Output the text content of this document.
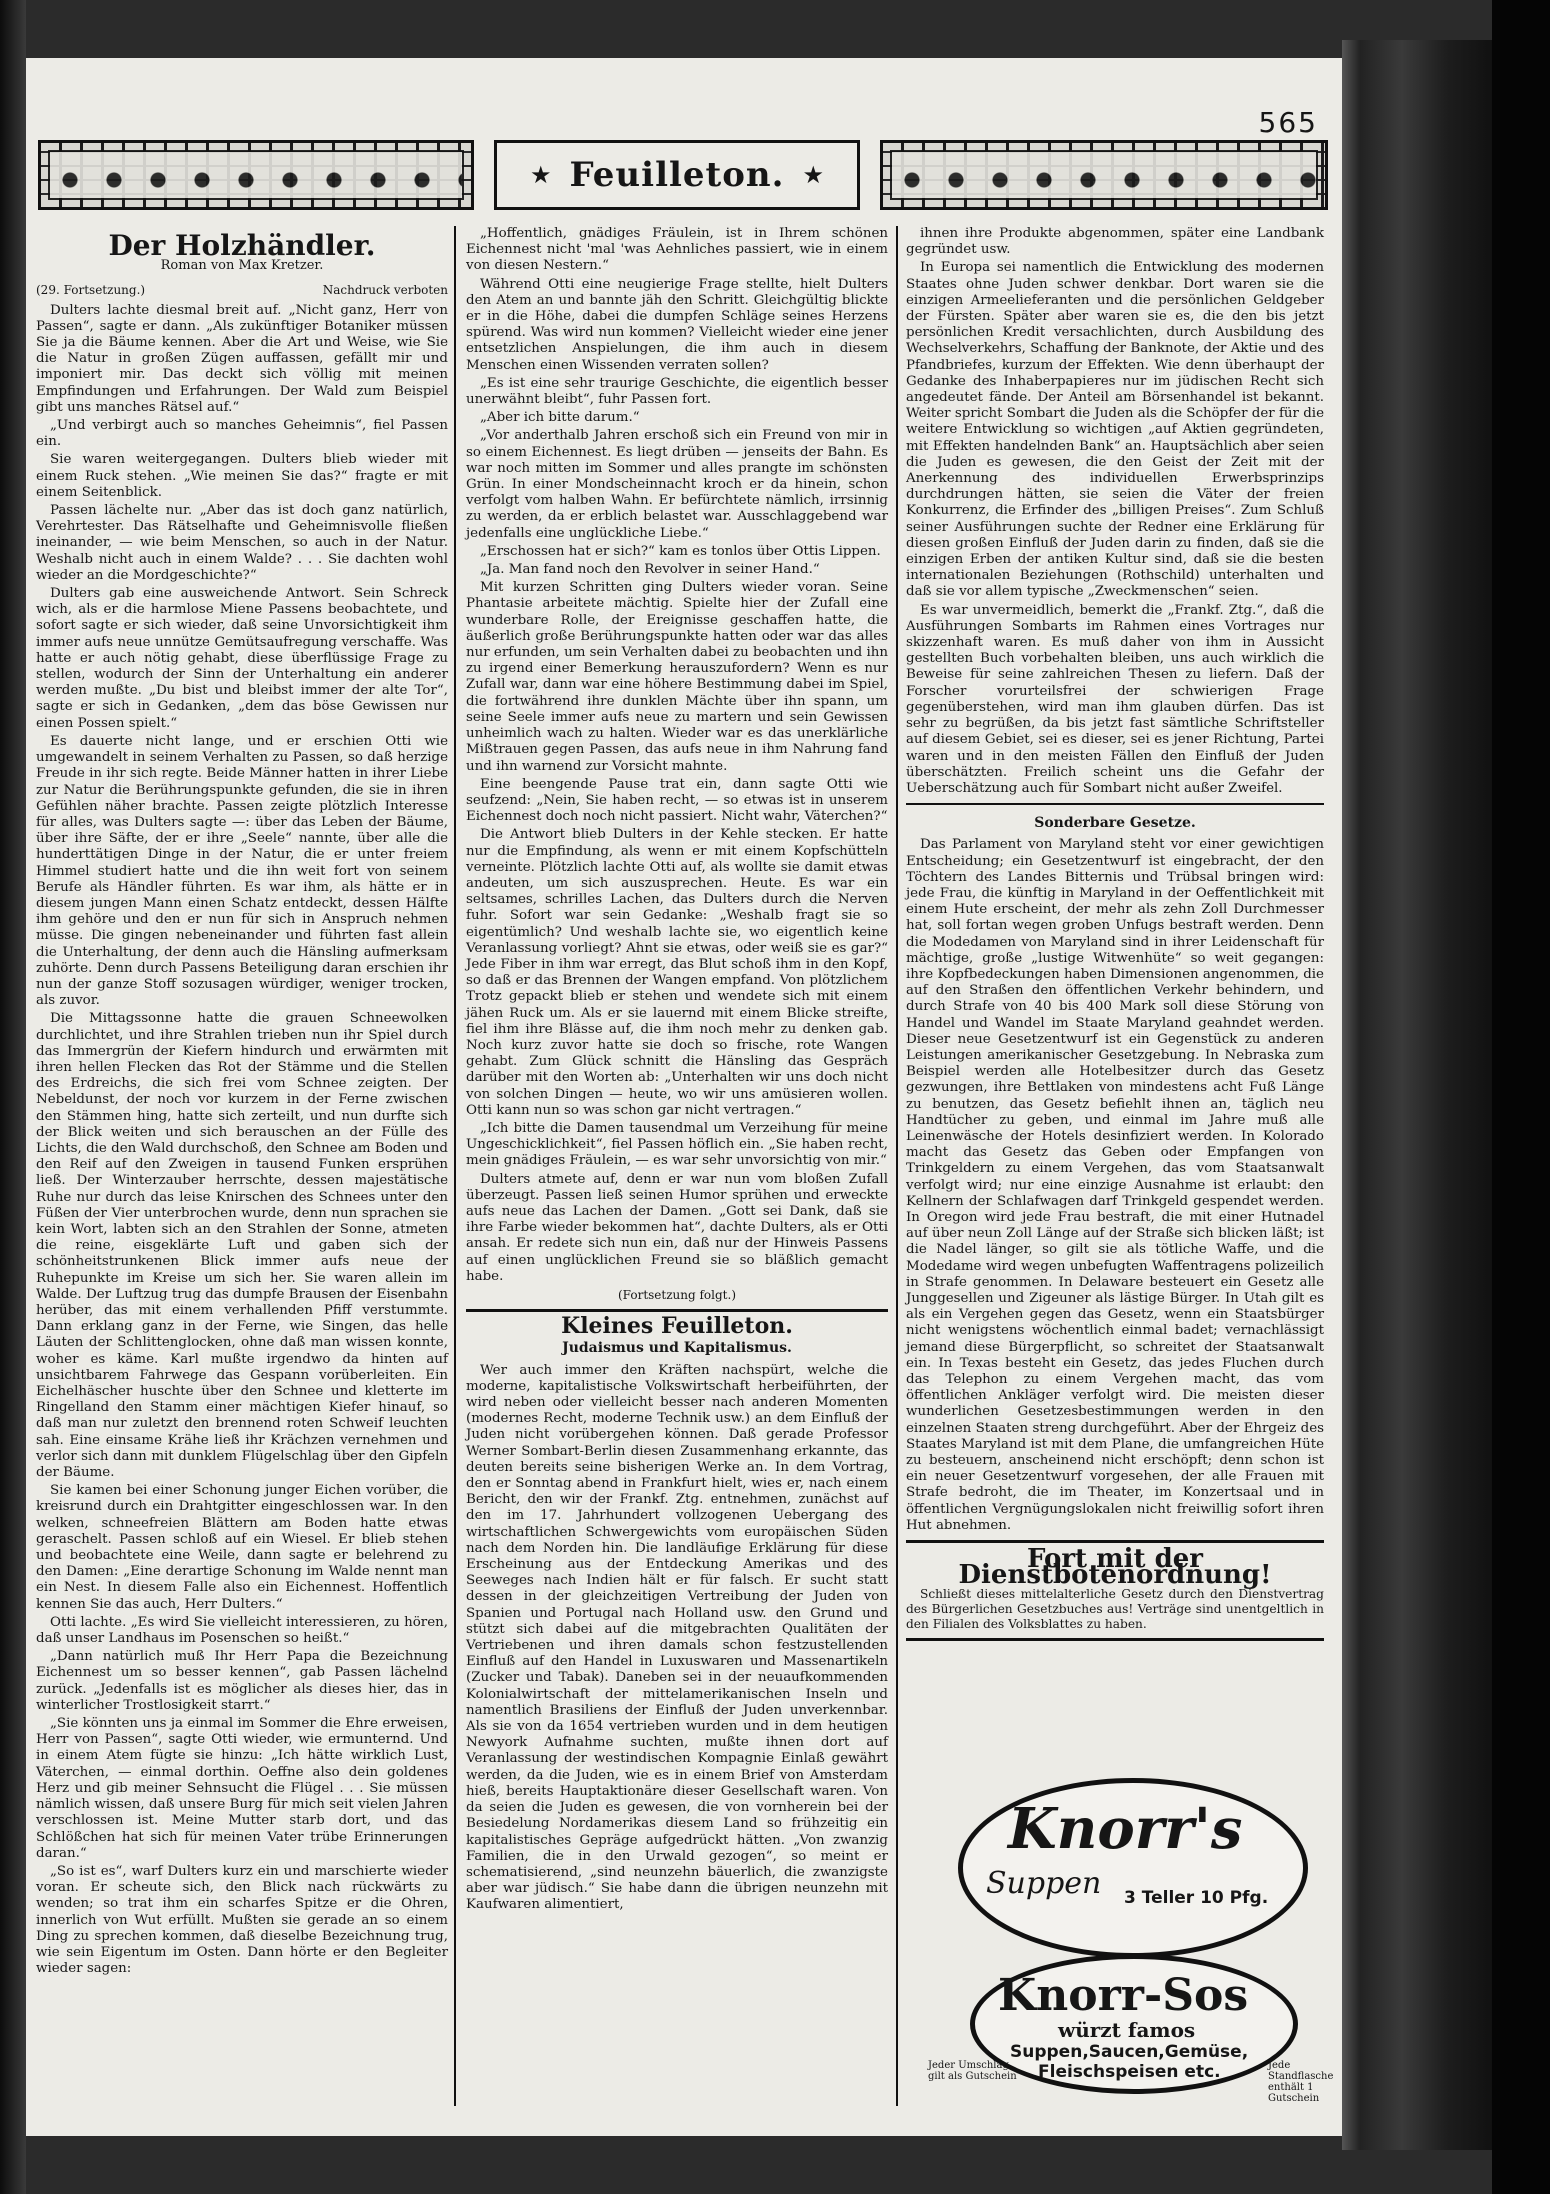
565
★ Feuilleton. ★
Der Holzhändler.
Roman von Max Kretzer.
(29. Fortsetzung.)	Nachdruck verboten

Dulters lachte diesmal breit auf. „Nicht ganz, Herr von Passen“, sagte er dann. „Als zukünftiger Botaniker müssen Sie ja die Bäume kennen. Aber die Art und Weise, wie Sie die Natur in großen Zügen auffassen, gefällt mir und imponiert mir. Das deckt sich völlig mit meinen Empfindungen und Erfahrungen. Der Wald zum Beispiel gibt uns manches Rätsel auf.“

„Und verbirgt auch so manches Geheimnis“, fiel Passen ein.

Sie waren weitergegangen. Dulters blieb wieder mit einem Ruck stehen. „Wie meinen Sie das?“ fragte er mit einem Seitenblick.

Passen lächelte nur. „Aber das ist doch ganz natürlich, Verehrtester. Das Rätselhafte und Geheimnisvolle fließen ineinander, — wie beim Menschen, so auch in der Natur. Weshalb nicht auch in einem Walde? . . . Sie dachten wohl wieder an die Mordgeschichte?“

Dulters gab eine ausweichende Antwort. Sein Schreck wich, als er die harmlose Miene Passens beobachtete, und sofort sagte er sich wieder, daß seine Unvorsichtigkeit ihm immer aufs neue unnütze Gemütsaufregung verschaffe. Was hatte er auch nötig gehabt, diese überflüssige Frage zu stellen, wodurch der Sinn der Unterhaltung ein anderer werden mußte. „Du bist und bleibst immer der alte Tor“, sagte er sich in Gedanken, „dem das böse Gewissen nur einen Possen spielt.“

Es dauerte nicht lange, und er erschien Otti wie umgewandelt in seinem Verhalten zu Passen, so daß herzige Freude in ihr sich regte. Beide Männer hatten in ihrer Liebe zur Natur die Berührungspunkte gefunden, die sie in ihren Gefühlen näher brachte. Passen zeigte plötzlich Interesse für alles, was Dulters sagte —: über das Leben der Bäume, über ihre Säfte, der er ihre „Seele“ nannte, über alle die hunderttätigen Dinge in der Natur, die er unter freiem Himmel studiert hatte und die ihn weit fort von seinem Berufe als Händler führten. Es war ihm, als hätte er in diesem jungen Mann einen Schatz entdeckt, dessen Hälfte ihm gehöre und den er nun für sich in Anspruch nehmen müsse. Die gingen nebeneinander und führten fast allein die Unterhaltung, der denn auch die Hänsling aufmerksam zuhörte. Denn durch Passens Beteiligung daran erschien ihr nun der ganze Stoff sozusagen würdiger, weniger trocken, als zuvor.

Die Mittagssonne hatte die grauen Schneewolken durchlichtet, und ihre Strahlen trieben nun ihr Spiel durch das Immergrün der Kiefern hindurch und erwärmten mit ihren hellen Flecken das Rot der Stämme und die Stellen des Erdreichs, die sich frei vom Schnee zeigten. Der Nebeldunst, der noch vor kurzem in der Ferne zwischen den Stämmen hing, hatte sich zerteilt, und nun durfte sich der Blick weiten und sich berauschen an der Fülle des Lichts, die den Wald durchschoß, den Schnee am Boden und den Reif auf den Zweigen in tausend Funken ersprühen ließ. Der Winterzauber herrschte, dessen majestätische Ruhe nur durch das leise Knirschen des Schnees unter den Füßen der Vier unterbrochen wurde, denn nun sprachen sie kein Wort, labten sich an den Strahlen der Sonne, atmeten die reine, eisgeklärte Luft und gaben sich der schönheitstrunkenen Blick immer aufs neue der Ruhepunkte im Kreise um sich her. Sie waren allein im Walde. Der Luftzug trug das dumpfe Brausen der Eisenbahn herüber, das mit einem verhallenden Pfiff verstummte. Dann erklang ganz in der Ferne, wie Singen, das helle Läuten der Schlittenglocken, ohne daß man wissen konnte, woher es käme. Karl mußte irgendwo da hinten auf unsichtbarem Fahrwege das Gespann vorüberleiten. Ein Eichelhäscher huschte über den Schnee und kletterte im Ringelland den Stamm einer mächtigen Kiefer hinauf, so daß man nur zuletzt den brennend roten Schweif leuchten sah. Eine einsame Krähe ließ ihr Krächzen vernehmen und verlor sich dann mit dunklem Flügelschlag über den Gipfeln der Bäume.

Sie kamen bei einer Schonung junger Eichen vorüber, die kreisrund durch ein Drahtgitter eingeschlossen war. In den welken, schneefreien Blättern am Boden hatte etwas geraschelt. Passen schloß auf ein Wiesel. Er blieb stehen und beobachtete eine Weile, dann sagte er belehrend zu den Damen: „Eine derartige Schonung im Walde nennt man ein Nest. In diesem Falle also ein Eichennest. Hoffentlich kennen Sie das auch, Herr Dulters.“

Otti lachte. „Es wird Sie vielleicht interessieren, zu hören, daß unser Landhaus im Posenschen so heißt.“

„Dann natürlich muß Ihr Herr Papa die Bezeichnung Eichennest um so besser kennen“, gab Passen lächelnd zurück. „Jedenfalls ist es möglicher als dieses hier, das in winterlicher Trostlosigkeit starrt.“

„Sie könnten uns ja einmal im Sommer die Ehre erweisen, Herr von Passen“, sagte Otti wieder, wie ermunternd. Und in einem Atem fügte sie hinzu: „Ich hätte wirklich Lust, Väterchen, — einmal dorthin. Oeffne also dein goldenes Herz und gib meiner Sehnsucht die Flügel . . . Sie müssen nämlich wissen, daß unsere Burg für mich seit vielen Jahren verschlossen ist. Meine Mutter starb dort, und das Schlößchen hat sich für meinen Vater trübe Erinnerungen daran.“

„So ist es“, warf Dulters kurz ein und marschierte wieder voran. Er scheute sich, den Blick nach rückwärts zu wenden; so trat ihm ein scharfes Spitze er die Ohren, innerlich von Wut erfüllt. Mußten sie gerade an so einem Ding zu sprechen kommen, daß dieselbe Bezeichnung trug, wie sein Eigentum im Osten. Dann hörte er den Begleiter wieder sagen:

„Hoffentlich, gnädiges Fräulein, ist in Ihrem schönen Eichennest nicht 'mal 'was Aehnliches passiert, wie in einem von diesen Nestern.“

Während Otti eine neugierige Frage stellte, hielt Dulters den Atem an und bannte jäh den Schritt. Gleichgültig blickte er in die Höhe, dabei die dumpfen Schläge seines Herzens spürend. Was wird nun kommen? Vielleicht wieder eine jener entsetzlichen Anspielungen, die ihm auch in diesem Menschen einen Wissenden verraten sollen?

„Es ist eine sehr traurige Geschichte, die eigentlich besser unerwähnt bleibt“, fuhr Passen fort.

„Aber ich bitte darum.“

„Vor anderthalb Jahren erschoß sich ein Freund von mir in so einem Eichennest. Es liegt drüben — jenseits der Bahn. Es war noch mitten im Sommer und alles prangte im schönsten Grün. In einer Mondscheinnacht kroch er da hinein, schon verfolgt vom halben Wahn. Er befürchtete nämlich, irrsinnig zu werden, da er erblich belastet war. Ausschlaggebend war jedenfalls eine unglückliche Liebe.“

„Erschossen hat er sich?“ kam es tonlos über Ottis Lippen.

„Ja. Man fand noch den Revolver in seiner Hand.“

Mit kurzen Schritten ging Dulters wieder voran. Seine Phantasie arbeitete mächtig. Spielte hier der Zufall eine wunderbare Rolle, der Ereignisse geschaffen hatte, die äußerlich große Berührungspunkte hatten oder war das alles nur erfunden, um sein Verhalten dabei zu beobachten und ihn zu irgend einer Bemerkung herauszufordern? Wenn es nur Zufall war, dann war eine höhere Bestimmung dabei im Spiel, die fortwährend ihre dunklen Mächte über ihn spann, um seine Seele immer aufs neue zu martern und sein Gewissen unheimlich wach zu halten. Wieder war es das unerklärliche Mißtrauen gegen Passen, das aufs neue in ihm Nahrung fand und ihn warnend zur Vorsicht mahnte.

Eine beengende Pause trat ein, dann sagte Otti wie seufzend: „Nein, Sie haben recht, — so etwas ist in unserem Eichennest doch noch nicht passiert. Nicht wahr, Väterchen?“

Die Antwort blieb Dulters in der Kehle stecken. Er hatte nur die Empfindung, als wenn er mit einem Kopfschütteln verneinte. Plötzlich lachte Otti auf, als wollte sie damit etwas andeuten, um sich auszusprechen. Heute. Es war ein seltsames, schrilles Lachen, das Dulters durch die Nerven fuhr. Sofort war sein Gedanke: „Weshalb fragt sie so eigentümlich? Und weshalb lachte sie, wo eigentlich keine Veranlassung vorliegt? Ahnt sie etwas, oder weiß sie es gar?“ Jede Fiber in ihm war erregt, das Blut schoß ihm in den Kopf, so daß er das Brennen der Wangen empfand. Von plötzlichem Trotz gepackt blieb er stehen und wendete sich mit einem jähen Ruck um. Als er sie lauernd mit einem Blicke streifte, fiel ihm ihre Blässe auf, die ihm noch mehr zu denken gab. Noch kurz zuvor hatte sie doch so frische, rote Wangen gehabt. Zum Glück schnitt die Hänsling das Gespräch darüber mit den Worten ab: „Unterhalten wir uns doch nicht von solchen Dingen — heute, wo wir uns amüsieren wollen. Otti kann nun so was schon gar nicht vertragen.“

„Ich bitte die Damen tausendmal um Verzeihung für meine Ungeschicklichkeit“, fiel Passen höflich ein. „Sie haben recht, mein gnädiges Fräulein, — es war sehr unvorsichtig von mir.“

Dulters atmete auf, denn er war nun vom bloßen Zufall überzeugt. Passen ließ seinen Humor sprühen und erweckte aufs neue das Lachen der Damen. „Gott sei Dank, daß sie ihre Farbe wieder bekommen hat“, dachte Dulters, als er Otti ansah. Er redete sich nun ein, daß nur der Hinweis Passens auf einen unglücklichen Freund sie so bläßlich gemacht habe.

(Fortsetzung folgt.)

Kleines Feuilleton.
Judaismus und Kapitalismus.

Wer auch immer den Kräften nachspürt, welche die moderne, kapitalistische Volkswirtschaft herbeiführten, der wird neben oder vielleicht besser nach anderen Momenten (modernes Recht, moderne Technik usw.) an dem Einfluß der Juden nicht vorübergehen können. Daß gerade Professor Werner Sombart-Berlin diesen Zusammenhang erkannte, das deuten bereits seine bisherigen Werke an. In dem Vortrag, den er Sonntag abend in Frankfurt hielt, wies er, nach einem Bericht, den wir der Frankf. Ztg. entnehmen, zunächst auf den im 17. Jahrhundert vollzogenen Uebergang des wirtschaftlichen Schwergewichts vom europäischen Süden nach dem Norden hin. Die landläufige Erklärung für diese Erscheinung aus der Entdeckung Amerikas und des Seeweges nach Indien hält er für falsch. Er sucht statt dessen in der gleichzeitigen Vertreibung der Juden von Spanien und Portugal nach Holland usw. den Grund und stützt sich dabei auf die mitgebrachten Qualitäten der Vertriebenen und ihren damals schon festzustellenden Einfluß auf den Handel in Luxuswaren und Massenartikeln (Zucker und Tabak). Daneben sei in der neuaufkommenden Kolonialwirtschaft der mittelamerikanischen Inseln und namentlich Brasiliens der Einfluß der Juden unverkennbar. Als sie von da 1654 vertrieben wurden und in dem heutigen Newyork Aufnahme suchten, mußte ihnen dort auf Veranlassung der westindischen Kompagnie Einlaß gewährt werden, da die Juden, wie es in einem Brief von Amsterdam hieß, bereits Hauptaktionäre dieser Gesellschaft waren. Von da seien die Juden es gewesen, die von vornherein bei der Besiedelung Nordamerikas diesem Land so frühzeitig ein kapitalistisches Gepräge aufgedrückt hätten. „Von zwanzig Familien, die in den Urwald gezogen“, so meint er schematisierend, „sind neunzehn bäuerlich, die zwanzigste aber war jüdisch.“ Sie habe dann die übrigen neunzehn mit Kaufwaren alimentiert,

ihnen ihre Produkte abgenommen, später eine Landbank gegründet usw.

In Europa sei namentlich die Entwicklung des modernen Staates ohne Juden schwer denkbar. Dort waren sie die einzigen Armeelieferanten und die persönlichen Geldgeber der Fürsten. Später aber waren sie es, die den bis jetzt persönlichen Kredit versachlichten, durch Ausbildung des Wechselverkehrs, Schaffung der Banknote, der Aktie und des Pfandbriefes, kurzum der Effekten. Wie denn überhaupt der Gedanke des Inhaberpapieres nur im jüdischen Recht sich angedeutet fände. Der Anteil am Börsenhandel ist bekannt. Weiter spricht Sombart die Juden als die Schöpfer der für die weitere Entwicklung so wichtigen „auf Aktien gegründeten, mit Effekten handelnden Bank“ an. Hauptsächlich aber seien die Juden es gewesen, die den Geist der Zeit mit der Anerkennung des individuellen Erwerbsprinzips durchdrungen hätten, sie seien die Väter der freien Konkurrenz, die Erfinder des „billigen Preises“. Zum Schluß seiner Ausführungen suchte der Redner eine Erklärung für diesen großen Einfluß der Juden darin zu finden, daß sie die einzigen Erben der antiken Kultur sind, daß sie die besten internationalen Beziehungen (Rothschild) unterhalten und daß sie vor allem typische „Zweckmenschen“ seien.

Es war unvermeidlich, bemerkt die „Frankf. Ztg.“, daß die Ausführungen Sombarts im Rahmen eines Vortrages nur skizzenhaft waren. Es muß daher von ihm in Aussicht gestellten Buch vorbehalten bleiben, uns auch wirklich die Beweise für seine zahlreichen Thesen zu liefern. Daß der Forscher vorurteilsfrei der schwierigen Frage gegenüberstehen, wird man ihm glauben dürfen. Das ist sehr zu begrüßen, da bis jetzt fast sämtliche Schriftsteller auf diesem Gebiet, sei es dieser, sei es jener Richtung, Partei waren und in den meisten Fällen den Einfluß der Juden überschätzten. Freilich scheint uns die Gefahr der Ueberschätzung auch für Sombart nicht außer Zweifel.

Sonderbare Gesetze.

Das Parlament von Maryland steht vor einer gewichtigen Entscheidung; ein Gesetzentwurf ist eingebracht, der den Töchtern des Landes Bitternis und Trübsal bringen wird: jede Frau, die künftig in Maryland in der Oeffentlichkeit mit einem Hute erscheint, der mehr als zehn Zoll Durchmesser hat, soll fortan wegen groben Unfugs bestraft werden. Denn die Modedamen von Maryland sind in ihrer Leidenschaft für mächtige, große „lustige Witwenhüte“ so weit gegangen: ihre Kopfbedeckungen haben Dimensionen angenommen, die auf den Straßen den öffentlichen Verkehr behindern, und durch Strafe von 40 bis 400 Mark soll diese Störung von Handel und Wandel im Staate Maryland geahndet werden. Dieser neue Gesetzentwurf ist ein Gegenstück zu anderen Leistungen amerikanischer Gesetzgebung. In Nebraska zum Beispiel werden alle Hotelbesitzer durch das Gesetz gezwungen, ihre Bettlaken von mindestens acht Fuß Länge zu benutzen, das Gesetz befiehlt ihnen an, täglich neu Handtücher zu geben, und einmal im Jahre muß alle Leinenwäsche der Hotels desinfiziert werden. In Kolorado macht das Gesetz das Geben oder Empfangen von Trinkgeldern zu einem Vergehen, das vom Staatsanwalt verfolgt wird; nur eine einzige Ausnahme ist erlaubt: den Kellnern der Schlafwagen darf Trinkgeld gespendet werden. In Oregon wird jede Frau bestraft, die mit einer Hutnadel auf über neun Zoll Länge auf der Straße sich blicken läßt; ist die Nadel länger, so gilt sie als tötliche Waffe, und die Modedame wird wegen unbefugten Waffentragens polizeilich in Strafe genommen. In Delaware besteuert ein Gesetz alle Junggesellen und Zigeuner als lästige Bürger. In Utah gilt es als ein Vergehen gegen das Gesetz, wenn ein Staatsbürger nicht wenigstens wöchentlich einmal badet; vernachlässigt jemand diese Bürgerpflicht, so schreitet der Staatsanwalt ein. In Texas besteht ein Gesetz, das jedes Fluchen durch das Telephon zu einem Vergehen macht, das vom öffentlichen Ankläger verfolgt wird. Die meisten dieser wunderlichen Gesetzesbestimmungen werden in den einzelnen Staaten streng durchgeführt. Aber der Ehrgeiz des Staates Maryland ist mit dem Plane, die umfangreichen Hüte zu besteuern, anscheinend nicht erschöpft; denn schon ist ein neuer Gesetzentwurf vorgesehen, der alle Frauen mit Strafe bedroht, die im Theater, im Konzertsaal und in öffentlichen Vergnügungslokalen nicht freiwillig sofort ihren Hut abnehmen.

Fort mit der Dienstbotenordnung!
Schließt dieses mittelalterliche Gesetz durch den Dienstvertrag des Bürgerlichen Gesetzbuches aus! Verträge sind unentgeltlich in den Filialen des Volksblattes zu haben.
Knorr's
Suppen 3 Teller 10 Pfg.
Knorr-Sos
würzt famos
Suppen,Saucen,Gemüse,
Fleischspeisen etc.
Jeder Umschlag gilt als Gutschein
Jede Standflasche enthält 1 Gutschein
